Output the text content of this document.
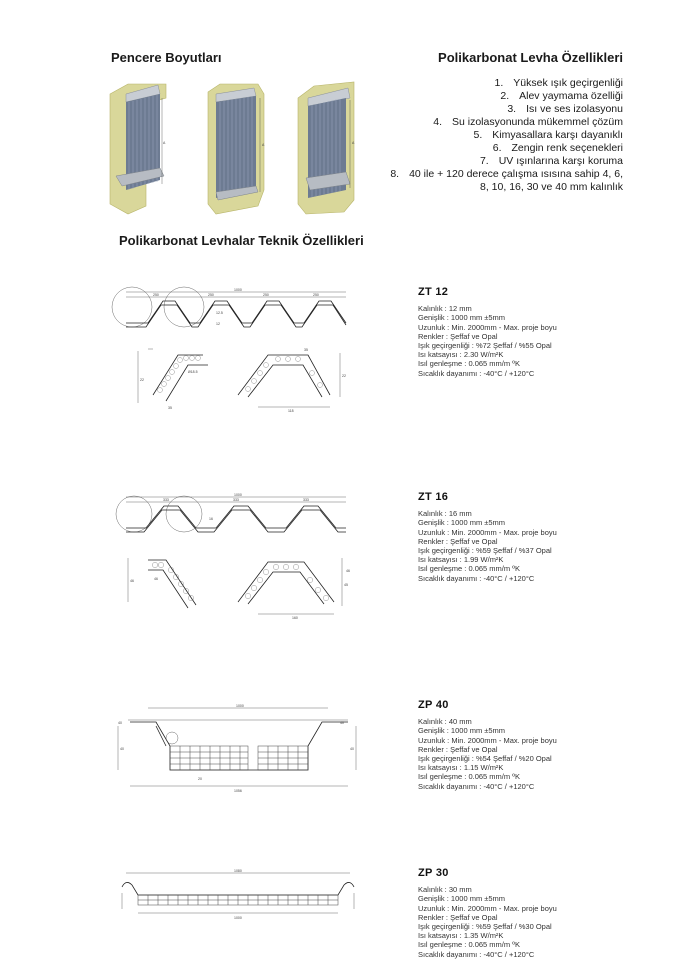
Pencere Boyutları
A	A	A
Polikarbonat Levha Özellikleri
1. Yüksek ışık geçirgenliği
2. Alev yaymama özelliği
3. Isı ve ses izolasyonu
4. Su izolasyonunda mükemmel çözüm
5. Kimyasallara karşı dayanıklı
6. Zengin renk seçenekleri
7. UV ışınlarına karşı koruma
8. 40 ile + 120 derece çalışma ısısına sahip 4, 6,
8, 10, 16, 30 ve 40 mm kalınlık
Polikarbonat Levhalar Teknik Özellikleri
1000
250	250	250	250
12.5
12
Ø18.5
22
22
118
35
35
ZT 12
Kalınlık : 12 mm
Genişlik : 1000 mm ±5mm
Uzunluk : Min. 2000mm - Max. proje boyu
Renkler : Şeffaf ve Opal
Işık geçirgenliği : %72 Şeffaf / %55 Opal
Isı katsayısı : 2.30 W/m²K
Isıl genleşme : 0.065 mm/m ºK
Sıcaklık dayanımı : -40°C / +120°C
1000
333	333	333
16
46	46
45
160
46
ZT 16
Kalınlık : 16 mm
Genişlik : 1000 mm ±5mm
Uzunluk : Min. 2000mm - Max. proje boyu
Renkler : Şeffaf ve Opal
Işık geçirgenliği : %59 Şeffaf / %37 Opal
Isı katsayısı : 1.99 W/m²K
Isıl genleşme : 0.065 mm/m ºK
Sıcaklık dayanımı : -40°C / +120°C
1000
40	40
40	40
1056
20
ZP 40
Kalınlık : 40 mm
Genişlik : 1000 mm ±5mm
Uzunluk : Min. 2000mm - Max. proje boyu
Renkler : Şeffaf ve Opal
Işık geçirgenliği : %54 Şeffaf / %20 Opal
Isı katsayısı : 1.15 W/m²K
Isıl genleşme : 0.065 mm/m ºK
Sıcaklık dayanımı : -40°C / +120°C
1080
1000
ZP 30
Kalınlık : 30 mm
Genişlik : 1000 mm ±5mm
Uzunluk : Min. 2000mm - Max. proje boyu
Renkler : Şeffaf ve Opal
Işık geçirgenliği : %59 Şeffaf / %30 Opal
Isı katsayısı : 1.35 W/m²K
Isıl genleşme : 0.065 mm/m ºK
Sıcaklık dayanımı : -40°C / +120°C
